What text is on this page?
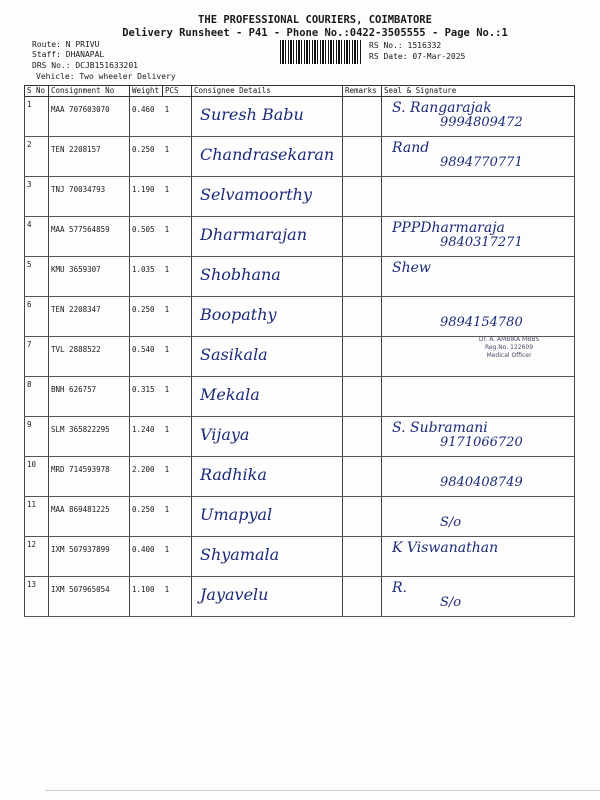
THE PROFESSIONAL COURIERS, COIMBATORE
Delivery Runsheet - P41 - Phone No.:0422-3505555 - Page No.:1
Route: N PRIVU
Staff: DHANAPAL
DRS No.: DCJB151633201
Vehicle: Two wheeler Delivery
RS No.: 1516332
RS Date: 07-Mar-2025
S No	Consignment No	Weight	PCS	Consignee Details	Remarks	Seal & Signature
1	MAA 707603070	0.460 1		Suresh Babu		S. Rangarajak
9994809472

2	TEN 2208157	0.250 1		Chandrasekaran		Rand
9894770771

3	TNJ 70034793	1.190 1		Selvamoorthy		

4	MAA 577564859	0.505 1		Dharmarajan		PPPDharmaraja
9840317271

5	KMU 3659307	1.035 1		Shobhana		Shew

6	TEN 2208347	0.250 1		Boopathy		9894154780

7	TVL 2888522	0.540 1		Sasikala		Dr. A. AMBIKA MBBS
Reg.No. 122609
Medical Officer

8	BNH 626757	0.315 1		Mekala		

9	SLM 365822295	1.240 1		Vijaya		S. Subramani
9171066720

10	MRD 714593978	2.200 1		Radhika		9840408749

11	MAA 869481225	0.250 1		Umapyal		S/o

12	IXM 507937899	0.400 1		Shyamala		K Viswanathan

13	IXM 507965054	1.100 1		Jayavelu		R.
S/o
